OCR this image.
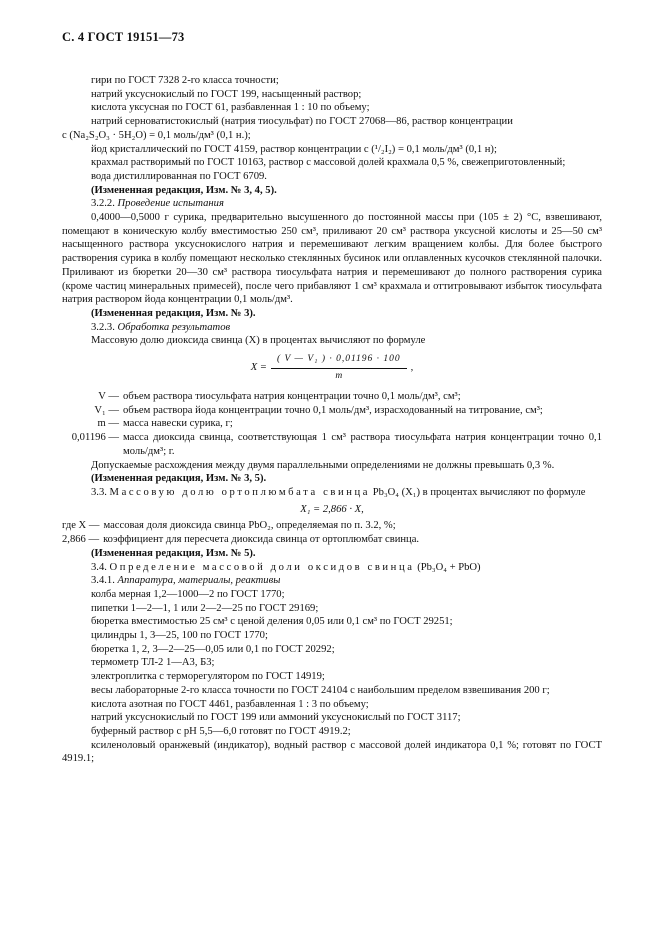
С. 4 ГОСТ 19151—73

гири по ГОСТ 7328 2-го класса точности;

натрий уксуснокислый по ГОСТ 199, насыщенный раствор;

кислота уксусная по ГОСТ 61, разбавленная 1 : 10 по объему;

натрий серноватистокислый (натрия тиосульфат) по ГОСТ 27068—86, раствор концентрации

c (Na₂S₂O₃ · 5H₂O) = 0,1 моль/дм³ (0,1 н.);

йод кристаллический по ГОСТ 4159, раствор концентрации c (¹/₂I₂) = 0,1 моль/дм³ (0,1 н);

крахмал растворимый по ГОСТ 10163, раствор с массовой долей крахмала 0,5 %, свежеприготовленный;

вода дистиллированная по ГОСТ 6709.

(Измененная редакция, Изм. № 3, 4, 5).

3.2.2. Проведение испытания

0,4000—0,5000 г сурика, предварительно высушенного до постоянной массы при (105 ± 2) °С, взвешивают, помещают в коническую колбу вместимостью 250 см³, приливают 20 см³ раствора уксусной кислоты и 25—50 см³ насыщенного раствора уксуснокислого натрия и перемешивают легким вращением колбы. Для более быстрого растворения сурика в колбу помещают несколько стеклянных бусинок или оплавленных кусочков стеклянной палочки. Приливают из бюретки 20—30 см³ раствора тиосульфата натрия и перемешивают до полного растворения сурика (кроме частиц минеральных примесей), после чего прибавляют 1 см³ крахмала и оттитровывают избыток тиосульфата натрия раствором йода концентрации 0,1 моль/дм³.

(Измененная редакция, Изм. № 3).

3.2.3. Обработка результатов

Массовую долю диоксида свинца (X) в процентах вычисляют по формуле

$X = \frac{\text{( V — V₁ ) · 0,01196 · 100}}{m}$ ,
V — объем раствора тиосульфата натрия концентрации точно 0,1 моль/дм³, см³;
V₁ — объем раствора йода концентрации точно 0,1 моль/дм³, израсходованный на титрование, см³;
m — масса навески сурика, г;
0,01196 — масса диоксида свинца, соответствующая 1 см³ раствора тиосульфата натрия концентрации точно 0,1 моль/дм³; г.

Допускаемые расхождения между двумя параллельными определениями не должны превышать 0,3 %.

(Измененная редакция, Изм. № 3, 5).

3.3. Массовую долю ортоплюмбата свинца Pb₃O₄ (X₁) в процентах вычисляют по формуле

X₁ = 2,866 · X,
где X — массовая доля диоксида свинца PbO₂, определяемая по п. 3.2, %;
2,866 — коэффициент для пересчета диоксида свинца от ортоплюмбат свинца.

(Измененная редакция, Изм. № 5).

3.4. Определение массовой доли оксидов свинца (Pb₃O₄ + PbO)

3.4.1. Аппаратура, материалы, реактивы

колба мерная 1,2—1000—2 по ГОСТ 1770;

пипетки 1—2—1, 1 или 2—2—25 по ГОСТ 29169;

бюретка вместимостью 25 см³ с ценой деления 0,05 или 0,1 см³ по ГОСТ 29251;

цилиндры 1, 3—25, 100 по ГОСТ 1770;

бюретка 1, 2, 3—2—25—0,05 или 0,1 по ГОСТ 20292;

термометр ТЛ-2 1—А3, Б3;

электроплитка с терморегулятором по ГОСТ 14919;

весы лабораторные 2-го класса точности по ГОСТ 24104 с наибольшим пределом взвешивания 200 г;

кислота азотная по ГОСТ 4461, разбавленная 1 : 3 по объему;

натрий уксуснокислый по ГОСТ 199 или аммоний уксуснокислый по ГОСТ 3117;

буферный раствор с pH 5,5—6,0 готовят по ГОСТ 4919.2;

ксиленоловый оранжевый (индикатор), водный раствор с массовой долей индикатора 0,1 %; готовят по ГОСТ 4919.1;
